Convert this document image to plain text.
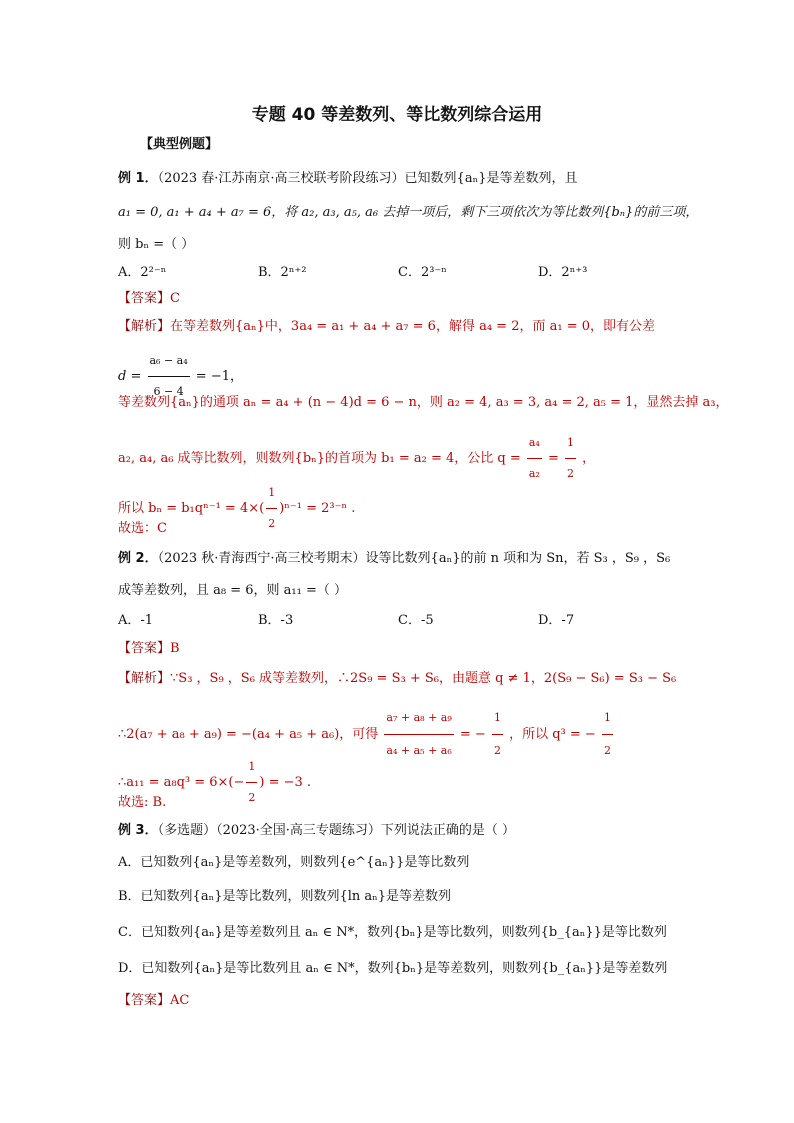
专题 40 等差数列、等比数列综合运用
【典型例题】
例 1．（2023 春·江苏南京·高三校联考阶段练习）已知数列{aₙ}是等差数列，且
a₁ = 0, a₁ + a₄ + a₇ = 6，将 a₂, a₃, a₅, a₆ 去掉一项后，剩下三项依次为等比数列{bₙ}的前三项，
则 bₙ =（ ）
A．2²⁻ⁿ	B．2ⁿ⁺²	C．2³⁻ⁿ	D．2ⁿ⁺³
【答案】C
【解析】在等差数列{aₙ}中，3a₄ = a₁ + a₄ + a₇ = 6，解得 a₄ = 2，而 a₁ = 0，即有公差
$d = \frac{\text{a₆ − a₄}}{6 - 4} = -1$，
等差数列{aₙ}的通项 aₙ = a₄ + (n − 4)d = 6 − n，则 a₂ = 4, a₃ = 3, a₄ = 2, a₅ = 1，显然去掉 a₃，
a₂, a₄, a₆ 成等比数列，则数列{bₙ}的首项为 b₁ = a₂ = 4，公比 $q = \frac{\text{a₄}}{\text{a₂}} = \frac{1}{2}$ ，
所以 $b_n = b_1q^{n-1} = 4\times( \frac{1}{2} )^{n-1} = 2^{3-n}$ .
故选：C
例 2．（2023 秋·青海西宁·高三校考期末）设等比数列{aₙ}的前 n 项和为 Sn，若 S₃ ，S₉ ，S₆
成等差数列，且 a₈ = 6，则 a₁₁ =（ ）
A．-1	B．-3	C．-5	D．-7
【答案】B
【解析】∵S₃ ，S₉ ，S₆ 成等差数列，∴2S₉ = S₃ + S₆，由题意 q ≠ 1，2(S₉ − S₆) = S₃ − S₆
∴2(a₇ + a₈ + a₉) = −(a₄ + a₅ + a₆)，可得 $\frac{\text{a₇ + a₈ + a₉}}{\text{a₄ + a₅ + a₆}}$ = − $\frac{1}{2}$ ，所以 q³ = − $\frac{1}{2}$
∴a₁₁ = $a_8q^3 = 6\times(- \frac{1}{2}$ ) = −3 .
故选: B.
例 3．（多选题）（2023·全国·高三专题练习）下列说法正确的是（ ）
A．已知数列{aₙ}是等差数列，则数列{e^{aₙ}}是等比数列
B．已知数列{aₙ}是等比数列，则数列{ln aₙ}是等差数列
C．已知数列{aₙ}是等差数列且 aₙ ∈ N*，数列{bₙ}是等比数列，则数列{b_{aₙ}}是等比数列
D．已知数列{aₙ}是等比数列且 aₙ ∈ N*，数列{bₙ}是等差数列，则数列{b_{aₙ}}是等差数列
【答案】AC
